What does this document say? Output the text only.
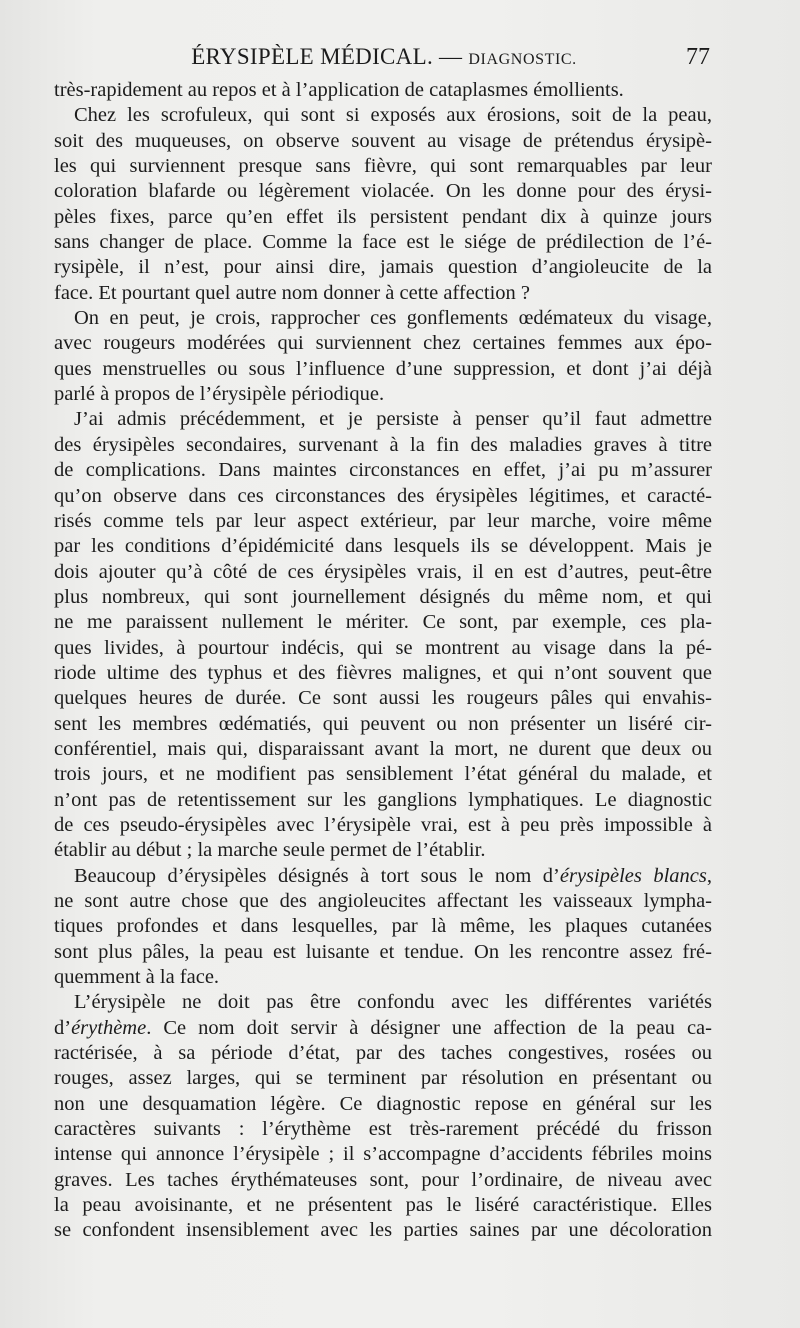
ÉRYSIPÈLE MÉDICAL. — DIAGNOSTIC.	77
très-rapidement au repos et à l’application de cataplasmes émollients.
Chez les scrofuleux, qui sont si exposés aux érosions, soit de la peau,
soit des muqueuses, on observe souvent au visage de prétendus érysipè-
les qui surviennent presque sans fièvre, qui sont remarquables par leur
coloration blafarde ou légèrement violacée. On les donne pour des érysi-
pèles fixes, parce qu’en effet ils persistent pendant dix à quinze jours
sans changer de place. Comme la face est le siége de prédilection de l’é-
rysipèle, il n’est, pour ainsi dire, jamais question d’angioleucite de la
face. Et pourtant quel autre nom donner à cette affection ?
On en peut, je crois, rapprocher ces gonflements œdémateux du visage,
avec rougeurs modérées qui surviennent chez certaines femmes aux épo-
ques menstruelles ou sous l’influence d’une suppression, et dont j’ai déjà
parlé à propos de l’érysipèle périodique.
J’ai admis précédemment, et je persiste à penser qu’il faut admettre
des érysipèles secondaires, survenant à la fin des maladies graves à titre
de complications. Dans maintes circonstances en effet, j’ai pu m’assurer
qu’on observe dans ces circonstances des érysipèles légitimes, et caracté-
risés comme tels par leur aspect extérieur, par leur marche, voire même
par les conditions d’épidémicité dans lesquels ils se développent. Mais je
dois ajouter qu’à côté de ces érysipèles vrais, il en est d’autres, peut-être
plus nombreux, qui sont journellement désignés du même nom, et qui
ne me paraissent nullement le mériter. Ce sont, par exemple, ces pla-
ques livides, à pourtour indécis, qui se montrent au visage dans la pé-
riode ultime des typhus et des fièvres malignes, et qui n’ont souvent que
quelques heures de durée. Ce sont aussi les rougeurs pâles qui envahis-
sent les membres œdématiés, qui peuvent ou non présenter un liséré cir-
conférentiel, mais qui, disparaissant avant la mort, ne durent que deux ou
trois jours, et ne modifient pas sensiblement l’état général du malade, et
n’ont pas de retentissement sur les ganglions lymphatiques. Le diagnostic
de ces pseudo-érysipèles avec l’érysipèle vrai, est à peu près impossible à
établir au début ; la marche seule permet de l’établir.
Beaucoup d’érysipèles désignés à tort sous le nom d’érysipèles blancs,
ne sont autre chose que des angioleucites affectant les vaisseaux lympha-
tiques profondes et dans lesquelles, par là même, les plaques cutanées
sont plus pâles, la peau est luisante et tendue. On les rencontre assez fré-
quemment à la face.
L’érysipèle ne doit pas être confondu avec les différentes variétés
d’érythème. Ce nom doit servir à désigner une affection de la peau ca-
ractérisée, à sa période d’état, par des taches congestives, rosées ou
rouges, assez larges, qui se terminent par résolution en présentant ou
non une desquamation légère. Ce diagnostic repose en général sur les
caractères suivants : l’érythème est très-rarement précédé du frisson
intense qui annonce l’érysipèle ; il s’accompagne d’accidents fébriles moins
graves. Les taches érythémateuses sont, pour l’ordinaire, de niveau avec
la peau avoisinante, et ne présentent pas le liséré caractéristique. Elles
se confondent insensiblement avec les parties saines par une décoloration
